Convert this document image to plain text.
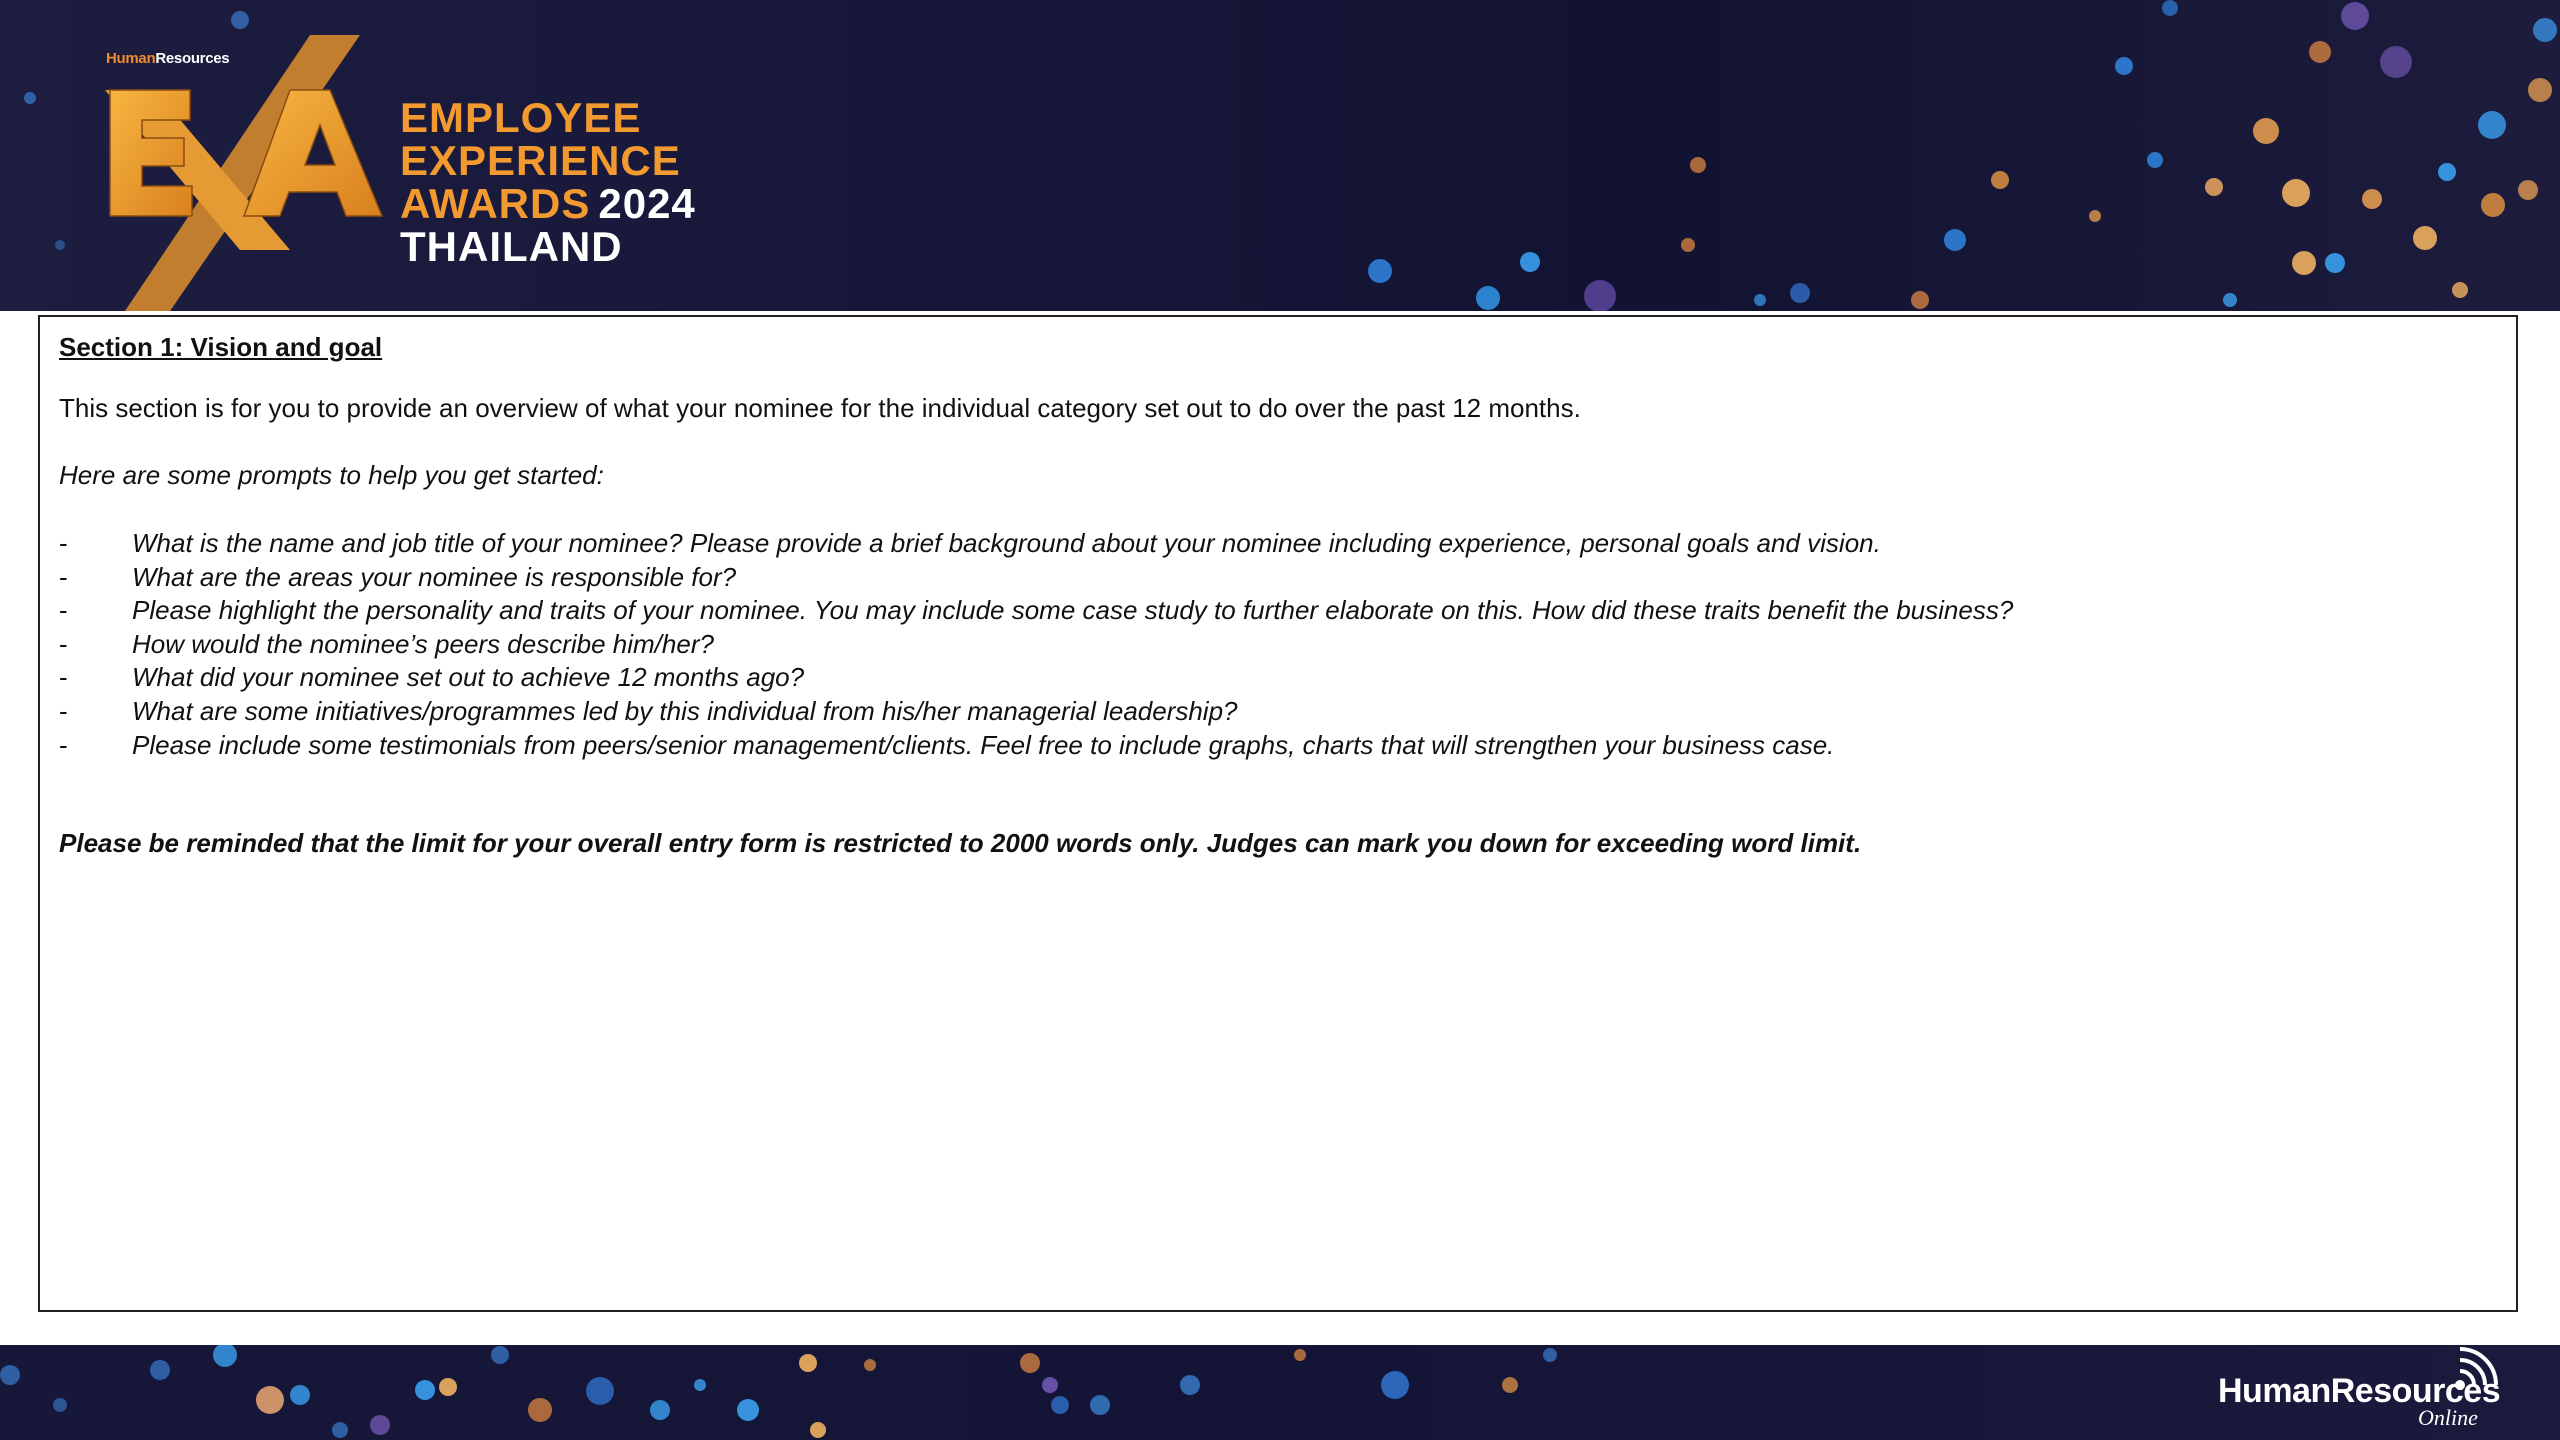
HumanResources
EMPLOYEE
EXPERIENCE
AWARDS 2024
THAILAND
Section 1: Vision and goal
This section is for you to provide an overview of what your nominee for the individual category set out to do over the past 12 months.
Here are some prompts to help you get started:
- What is the name and job title of your nominee? Please provide a brief background about your nominee including experience, personal goals and vision.
- What are the areas your nominee is responsible for?
- Please highlight the personality and traits of your nominee. You may include some case study to further elaborate on this. How did these traits benefit the business?
- How would the nominee’s peers describe him/her?
- What did your nominee set out to achieve 12 months ago?
- What are some initiatives/programmes led by this individual from his/her managerial leadership?
- Please include some testimonials from peers/senior management/clients. Feel free to include graphs, charts that will strengthen your business case.
Please be reminded that the limit for your overall entry form is restricted to 2000 words only. Judges can mark you down for exceeding word limit.
HumanResources
Online
